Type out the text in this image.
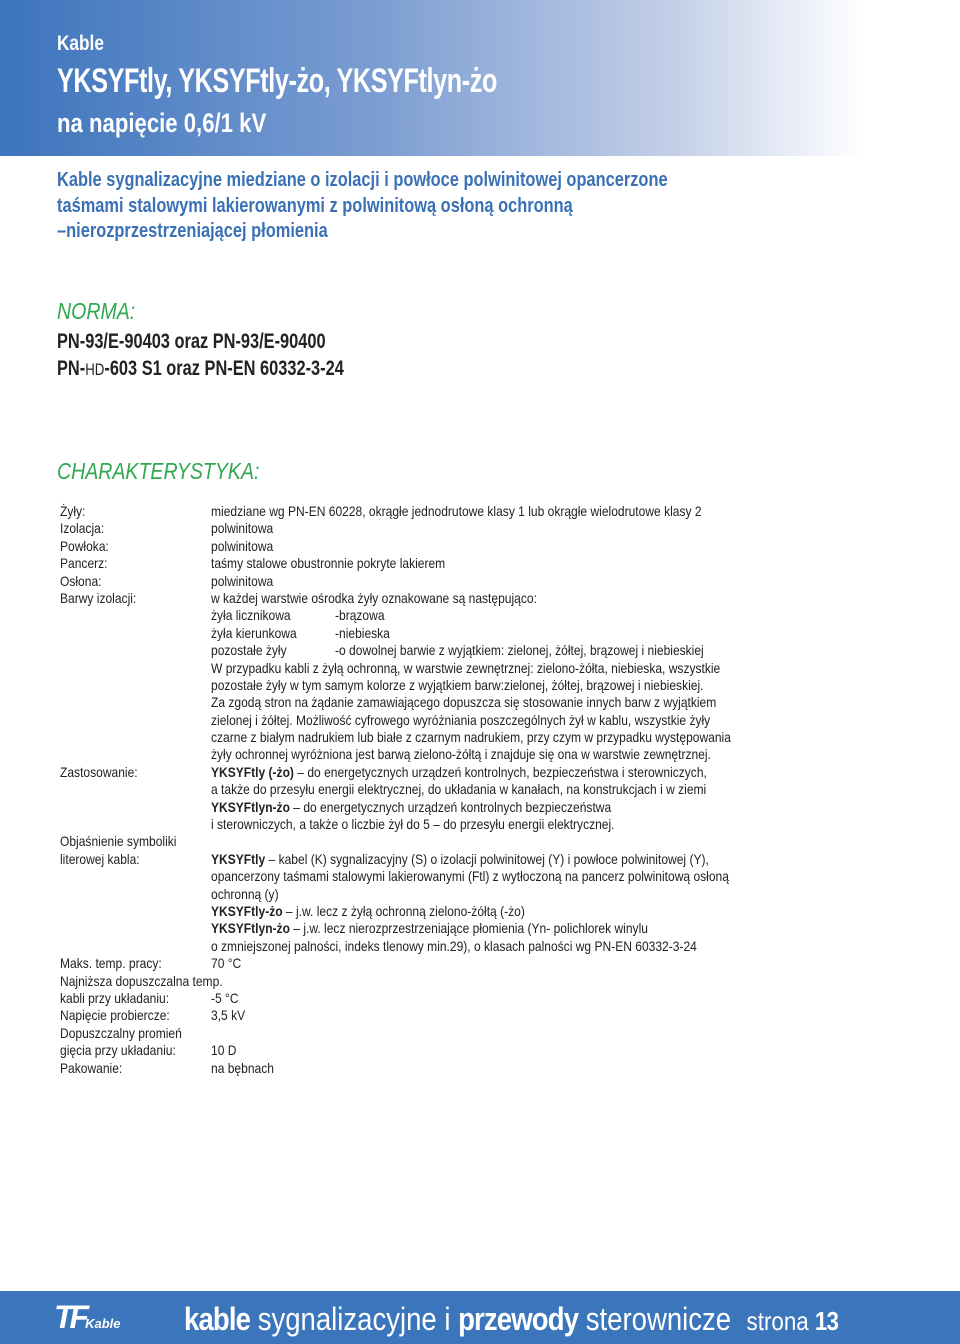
Kable
YKSYFtly, YKSYFtly-żo, YKSYFtlyn-żo
na napięcie 0,6/1 kV
Kable sygnalizacyjne miedziane o izolacji i powłoce polwinitowej opancerzone
taśmami stalowymi lakierowanymi z polwinitową osłoną ochronną
–nierozprzestrzeniającej płomienia
NORMA:
PN-93/E-90403 oraz PN-93/E-90400
PN-HD-603 S1 oraz PN-EN 60332-3-24
CHARAKTERYSTYKA:
Żyły:	miedziane wg PN-EN 60228, okrągłe jednodrutowe klasy 1 lub okrągłe wielodrutowe klasy 2
Izolacja:	polwinitowa
Powłoka:	polwinitowa
Pancerz:	taśmy stalowe obustronnie pokryte lakierem
Osłona:	polwinitowa
Barwy izolacji:	w każdej warstwie ośrodka żyły oznakowane są następująco:
żyła licznikowa	-brązowa
żyła kierunkowa	-niebieska
pozostałe żyły	-o dowolnej barwie z wyjątkiem: zielonej, żółtej, brązowej i niebieskiej
W przypadku kabli z żyłą ochronną, w warstwie zewnętrznej: zielono-żółta, niebieska, wszystkie
pozostałe żyły w tym samym kolorze z wyjątkiem barw:zielonej, żółtej, brązowej i niebieskiej.
Za zgodą stron na żądanie zamawiającego dopuszcza się stosowanie innych barw z wyjątkiem
zielonej i żółtej. Możliwość cyfrowego wyróżniania poszczególnych żył w kablu, wszystkie żyły
czarne z białym nadrukiem lub białe z czarnym nadrukiem, przy czym w przypadku występowania
żyły ochronnej wyróżniona jest barwą zielono-żółtą i znajduje się ona w warstwie zewnętrznej.
Zastosowanie:	YKSYFtly (-żo) – do energetycznych urządzeń kontrolnych, bezpieczeństwa i sterowniczych,
a także do przesyłu energii elektrycznej, do układania w kanałach, na konstrukcjach i w ziemi
YKSYFtlyn-żo – do energetycznych urządzeń kontrolnych bezpieczeństwa
i sterowniczych, a także o liczbie żył do 5 – do przesyłu energii elektrycznej.
Objaśnienie symboliki
literowej kabla:	YKSYFtly – kabel (K) sygnalizacyjny (S) o izolacji polwinitowej (Y) i powłoce polwinitowej (Y),
opancerzony taśmami stalowymi lakierowanymi (Ftl) z wytłoczoną na pancerz polwinitową osłoną
ochronną (y)
YKSYFtly-żo – j.w. lecz z żyłą ochronną zielono-żółtą (-żo)
YKSYFtlyn-żo – j.w. lecz nierozprzestrzeniające płomienia (Yn- polichlorek winylu
o zmniejszonej palności, indeks tlenowy min.29), o klasach palności wg PN-EN 60332-3-24
Maks. temp. pracy:	70 °C
Najniższa dopuszczalna temp.
kabli przy układaniu:	-5 °C
Napięcie probiercze:	3,5 kV
Dopuszczalny promień
gięcia przy układaniu:	10 D
Pakowanie:	na bębnach
TFKable kable sygnalizacyjne i przewody sterownicze strona 13
